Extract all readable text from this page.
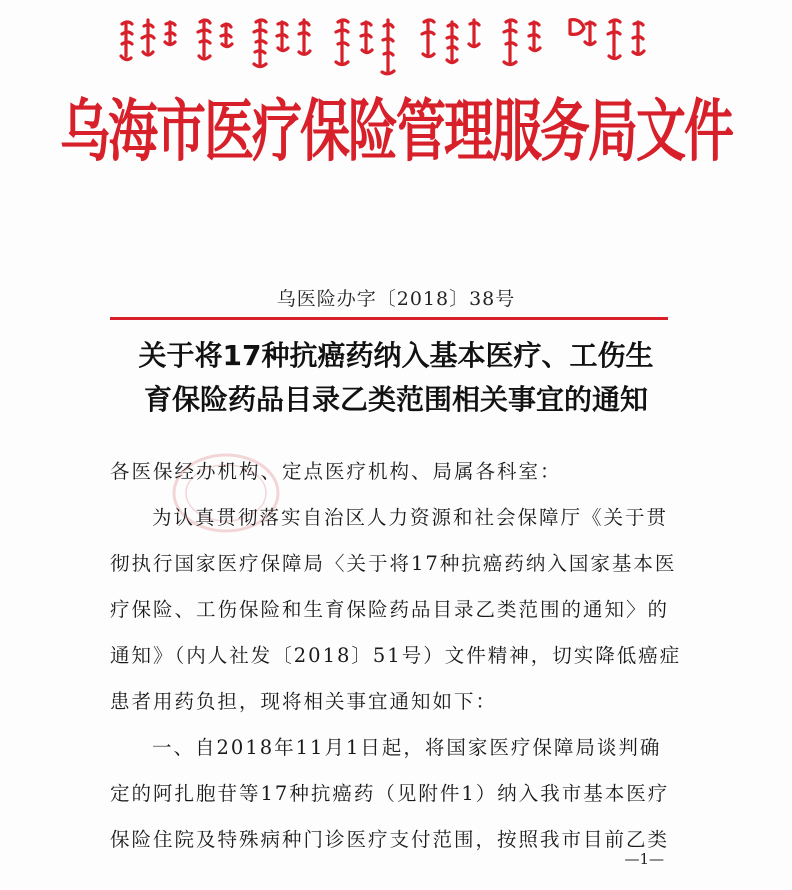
乌海市医疗保险管理服务局文件
乌医险办字〔2018〕38号
关于将17种抗癌药纳入基本医疗、工伤生
育保险药品目录乙类范围相关事宜的通知
各医保经办机构、定点医疗机构、局属各科室：
为认真贯彻落实自治区人力资源和社会保障厅《关于贯
彻执行国家医疗保障局〈关于将17种抗癌药纳入国家基本医
疗保险、工伤保险和生育保险药品目录乙类范围的通知〉的
通知》（内人社发〔2018〕51号）文件精神，切实降低癌症
患者用药负担，现将相关事宜通知如下：
一、自2018年11月1日起，将国家医疗保障局谈判确
定的阿扎胞苷等17种抗癌药（见附件1）纳入我市基本医疗
保险住院及特殊病种门诊医疗支付范围，按照我市目前乙类
—1—
